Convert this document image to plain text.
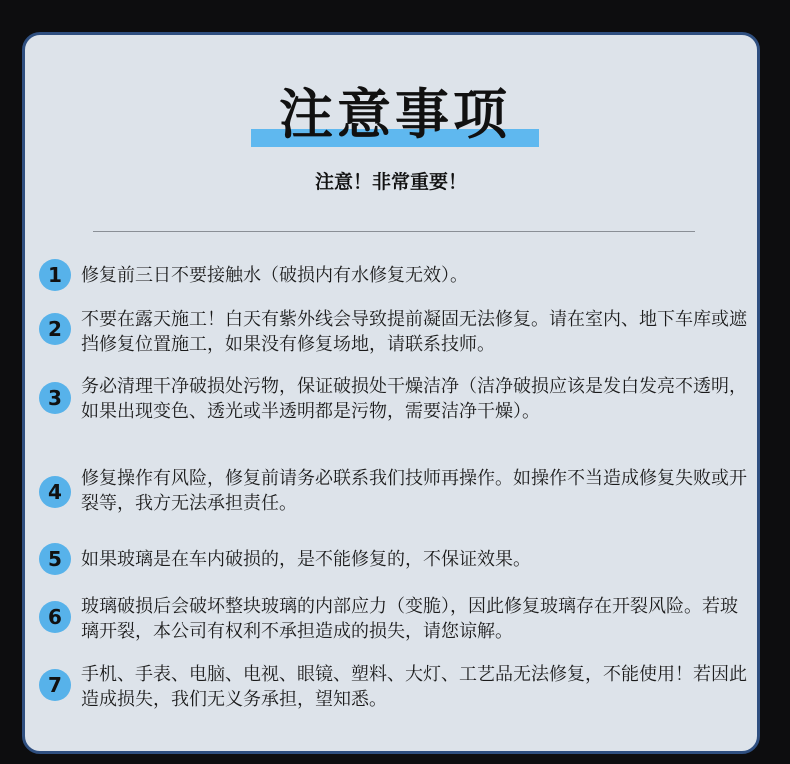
注意事项
注意！非常重要！
1	修复前三日不要接触水（破损内有水修复无效）。
2	不要在露天施工！白天有紫外线会导致提前凝固无法修复。请在室内、地下车库或遮挡修复位置施工，如果没有修复场地，请联系技师。
3	务必清理干净破损处污物，保证破损处干燥洁净（洁净破损应该是发白发亮不透明，如果出现变色、透光或半透明都是污物，需要洁净干燥）。
4
修复操作有风险，修复前请务必联系我们技师再操作。如操作不当造成修复失败或开裂等，我方无法承担责任。
5	如果玻璃是在车内破损的，是不能修复的，不保证效果。
6	玻璃破损后会破坏整块玻璃的内部应力（变脆），因此修复玻璃存在开裂风险。若玻璃开裂，本公司有权利不承担造成的损失，请您谅解。
7	手机、手表、电脑、电视、眼镜、塑料、大灯、工艺品无法修复，不能使用！若因此造成损失，我们无义务承担，望知悉。
